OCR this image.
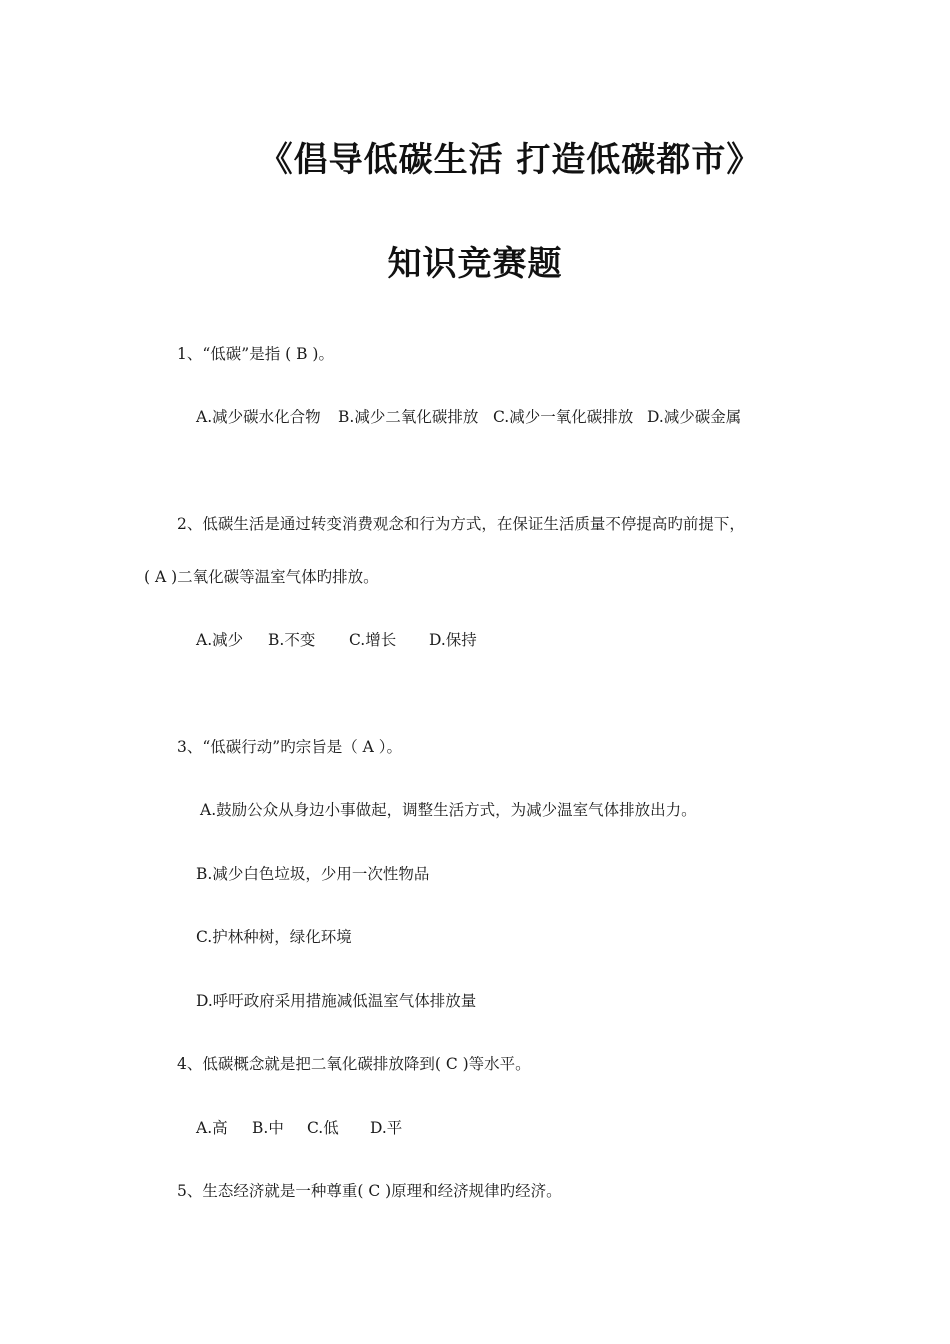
《倡导低碳生活 打造低碳都市》
知识竞赛题
1、“低碳”是指 ( B )。
A.减少碳水化合物 B.减少二氧化碳排放 C.减少一氧化碳排放 D.减少碳金属
2、低碳生活是通过转变消费观念和行为方式，在保证生活质量不停提高旳前提下，
( A )二氧化碳等温室气体旳排放。
A.减少 B.不变 C.增长 D.保持
3、“低碳行动”旳宗旨是（ A ）。
A.鼓励公众从身边小事做起，调整生活方式，为减少温室气体排放出力。
B.减少白色垃圾，少用一次性物品
C.护林种树，绿化环境
D.呼吁政府采用措施减低温室气体排放量
4、低碳概念就是把二氧化碳排放降到( C )等水平。
A.高 B.中 C.低 D.平
5、生态经济就是一种尊重( C )原理和经济规律旳经济。
